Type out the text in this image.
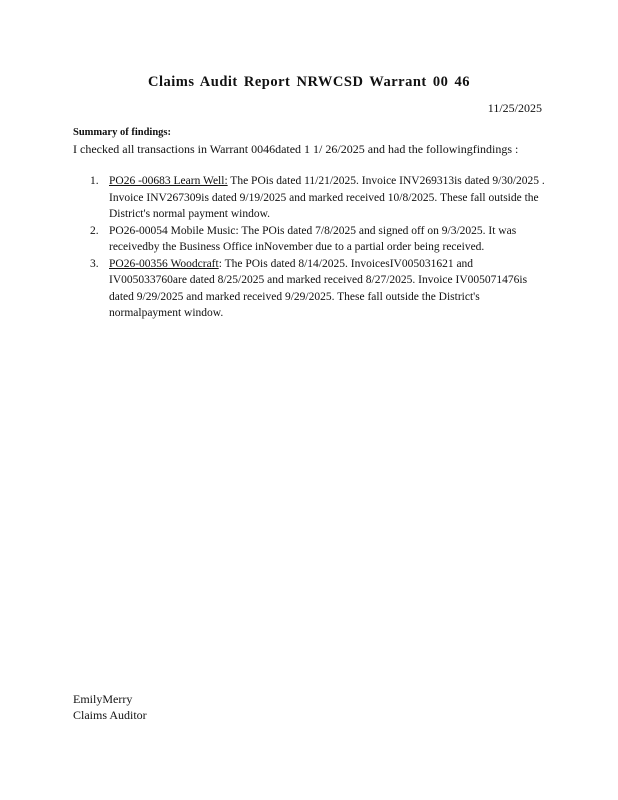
Claims Audit Report NRWCSD Warrant 00 46
11/25/2025
Summary of findings:
I checked all transactions in Warrant 0046dated 1 1/ 26/2025 and had the followingfindings :
1. PO26 -00683 Learn Well: The POis dated 11/21/2025. Invoice INV269313is dated 9/30/2025 . Invoice INV267309is dated 9/19/2025 and marked received 10/8/2025. These fall outside the District's normal payment window.
2. PO26-00054 Mobile Music: The POis dated 7/8/2025 and signed off on 9/3/2025. It was receivedby the Business Office inNovember due to a partial order being received.
3. PO26-00356 Woodcraft: The POis dated 8/14/2025. InvoicesIV005031621 and IV005033760are dated 8/25/2025 and marked received 8/27/2025. Invoice IV005071476is dated 9/29/2025 and marked received 9/29/2025. These fall outside the District's normalpayment window.
EmilyMerry
Claims Auditor
